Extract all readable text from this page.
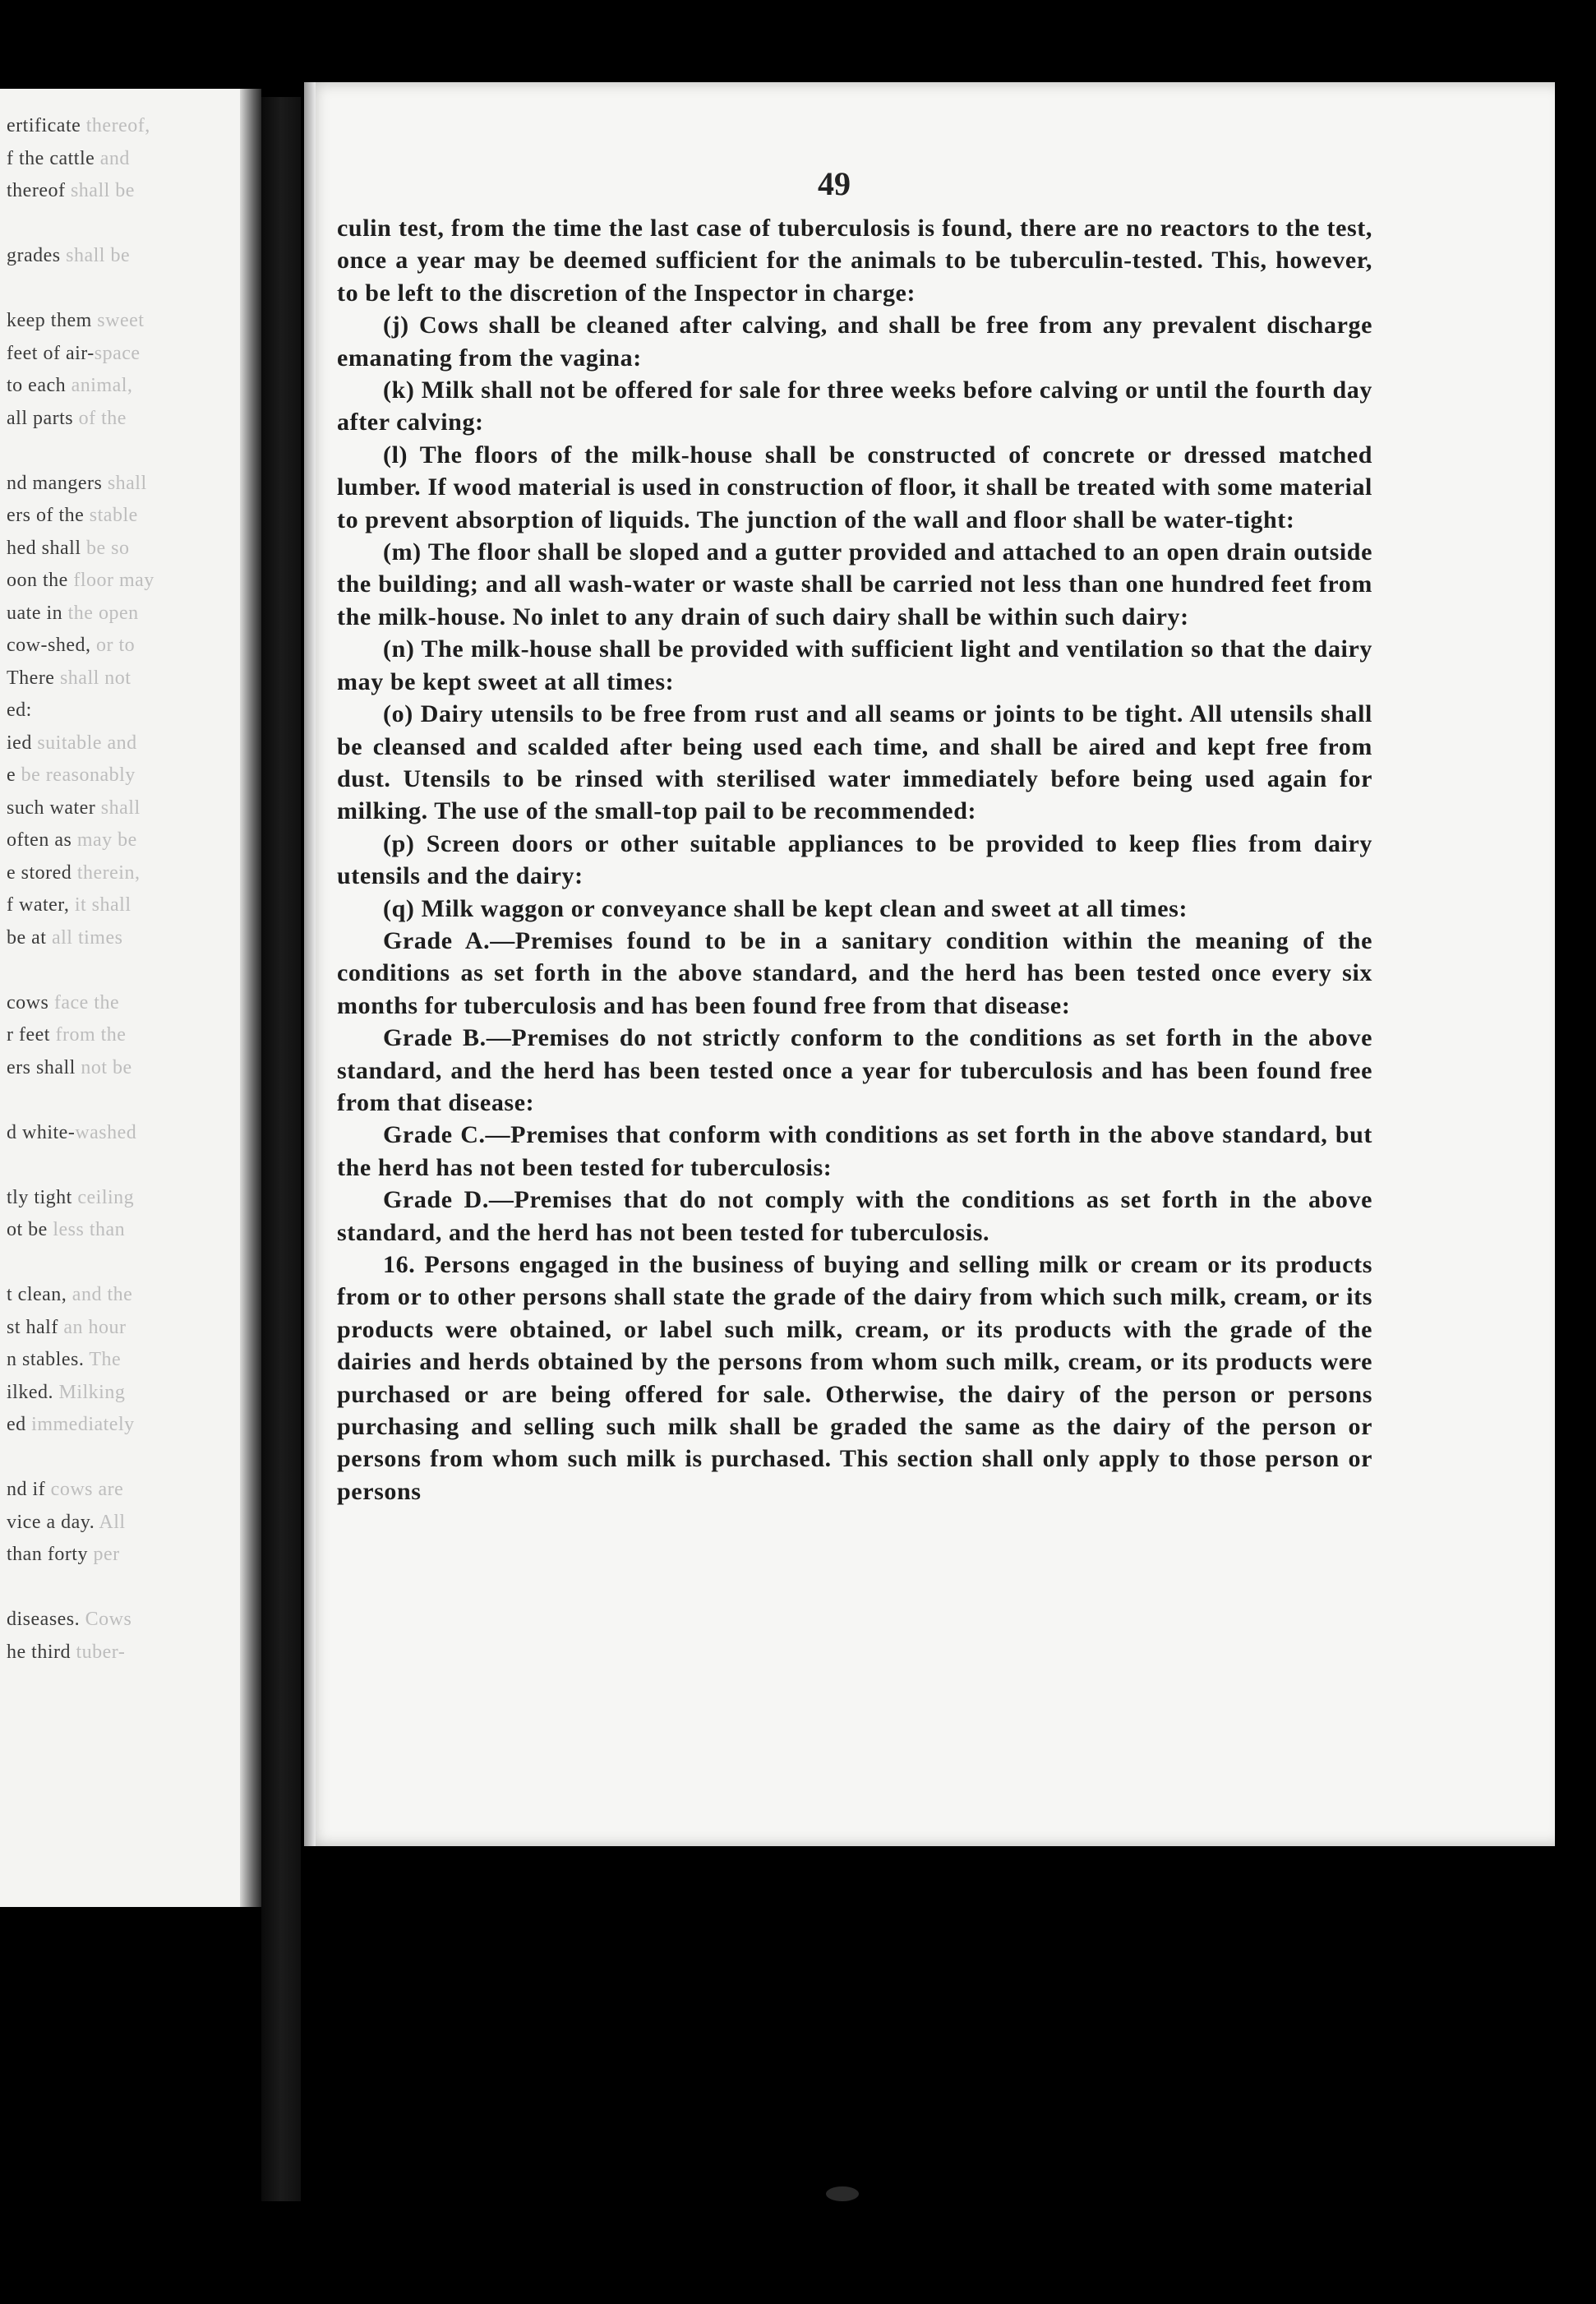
ertificate thereof,
f the cattle and
thereof shall be
grades shall be
keep them sweet
feet of air-space
to each animal,
all parts of the
nd mangers shall
ers of the stable
hed shall be so
oon the floor may
uate in the open
cow-shed, or to
There shall not
ed:
ied suitable and
e be reasonably
such water shall
often as may be
e stored therein,
f water, it shall
be at all times
cows face the
r feet from the
ers shall not be
d white-washed
tly tight ceiling
ot be less than
t clean, and the
st half an hour
n stables. The
ilked. Milking
ed immediately
nd if cows are
vice a day. All
than forty per
diseases. Cows
he third tuber-
49

culin test, from the time the last case of tuberculosis is found, there are no reactors to the test, once a year may be deemed sufficient for the animals to be tuberculin-tested. This, however, to be left to the discretion of the Inspector in charge:

(j) Cows shall be cleaned after calving, and shall be free from any prevalent discharge emanating from the vagina:

(k) Milk shall not be offered for sale for three weeks before calving or until the fourth day after calving:

(l) The floors of the milk-house shall be constructed of concrete or dressed matched lumber. If wood material is used in construction of floor, it shall be treated with some material to prevent absorption of liquids. The junction of the wall and floor shall be water-tight:

(m) The floor shall be sloped and a gutter provided and attached to an open drain outside the building; and all wash-water or waste shall be carried not less than one hundred feet from the milk-house. No inlet to any drain of such dairy shall be within such dairy:

(n) The milk-house shall be provided with sufficient light and ventilation so that the dairy may be kept sweet at all times:

(o) Dairy utensils to be free from rust and all seams or joints to be tight. All utensils shall be cleansed and scalded after being used each time, and shall be aired and kept free from dust. Utensils to be rinsed with sterilised water immediately before being used again for milking. The use of the small-top pail to be recommended:

(p) Screen doors or other suitable appliances to be provided to keep flies from dairy utensils and the dairy:

(q) Milk waggon or conveyance shall be kept clean and sweet at all times:

Grade A.—Premises found to be in a sanitary condition within the meaning of the conditions as set forth in the above standard, and the herd has been tested once every six months for tuberculosis and has been found free from that disease:

Grade B.—Premises do not strictly conform to the conditions as set forth in the above standard, and the herd has been tested once a year for tuberculosis and has been found free from that disease:

Grade C.—Premises that conform with conditions as set forth in the above standard, but the herd has not been tested for tuberculosis:

Grade D.—Premises that do not comply with the conditions as set forth in the above standard, and the herd has not been tested for tuberculosis.

16. Persons engaged in the business of buying and selling milk or cream or its products from or to other persons shall state the grade of the dairy from which such milk, cream, or its products were obtained, or label such milk, cream, or its products with the grade of the dairies and herds obtained by the persons from whom such milk, cream, or its products were purchased or are being offered for sale. Otherwise, the dairy of the person or persons purchasing and selling such milk shall be graded the same as the dairy of the person or persons from whom such milk is purchased. This section shall only apply to those person or persons
